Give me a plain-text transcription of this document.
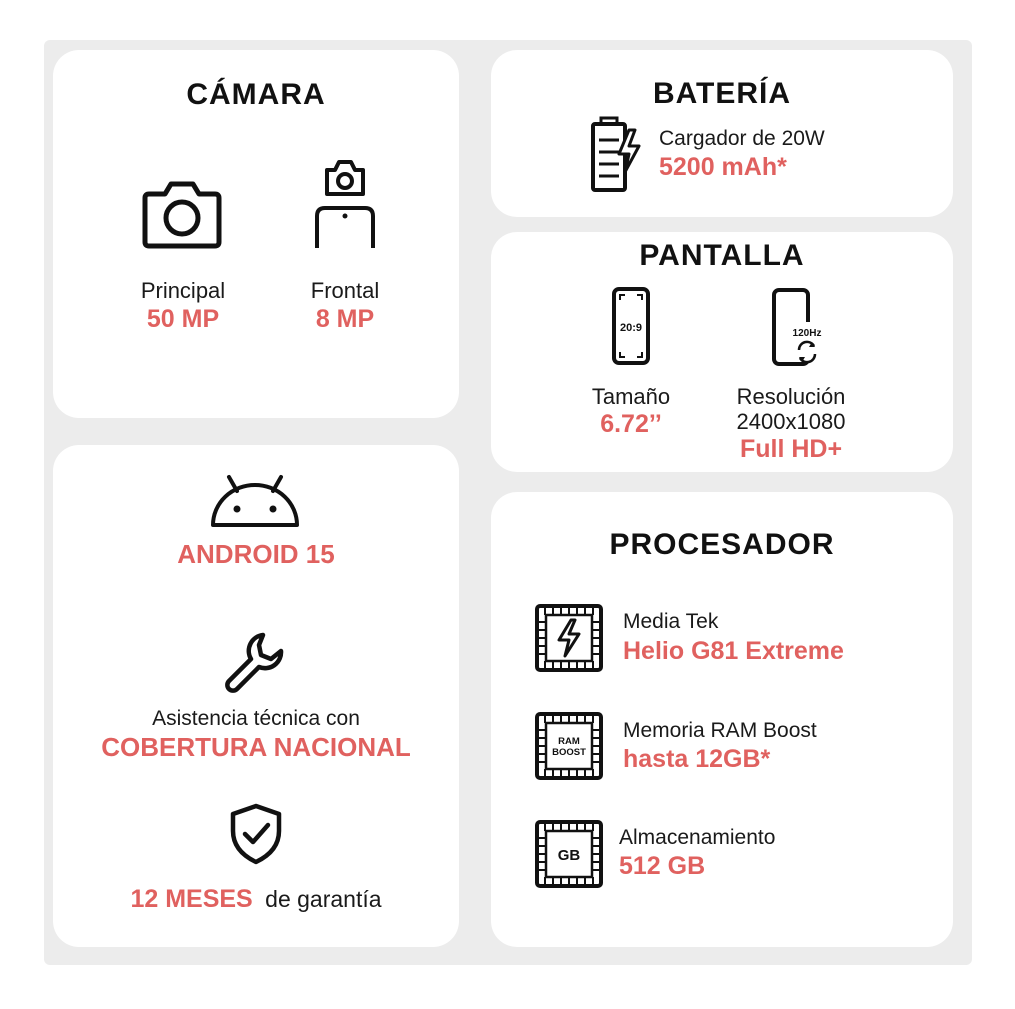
CÁMARA
Principal
50 MP
Frontal
8 MP
BATERÍA
Cargador de 20W
5200 mAh*
PANTALLA
20:9
Tamaño
6.72’’
120Hz
Resolución
2400x1080
Full HD+
ANDROID 15
Asistencia técnica con
COBERTURA NACIONAL
12 MESES de garantía
PROCESADOR
Media Tek
Helio G81 Extreme
RAM
BOOST
Memoria RAM Boost
hasta 12GB*
GB
Almacenamiento
512 GB
